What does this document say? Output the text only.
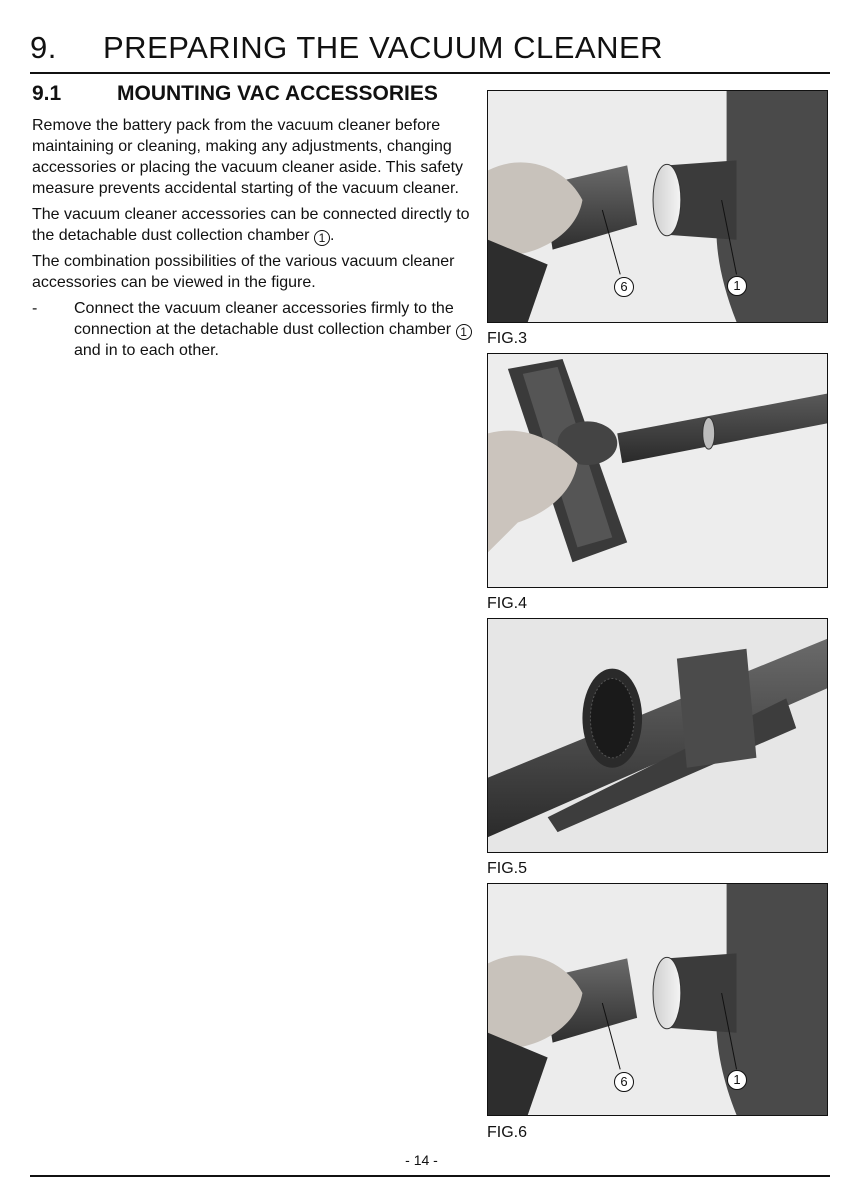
9. PREPARING THE VACUUM CLEANER
9.1	MOUNTING VAC ACCESSORIES

Remove the battery pack from the vacuum cleaner before maintaining or cleaning, making any adjustments, changing accessories or placing the vacuum cleaner aside. This safety measure prevents accidental starting of the vacuum cleaner.

The vacuum cleaner accessories can be connected directly to the detachable dust collection chamber 1 .

The combination possibilities of the various vacuum cleaner accessories can be viewed in the figure.

-	Connect the vacuum cleaner accessories firmly to the connection at the detachable dust collection chamber 1 and in to each other.
6	1

FIG.3

FIG.4

FIG.5

6	1

FIG.6

- 14 -
